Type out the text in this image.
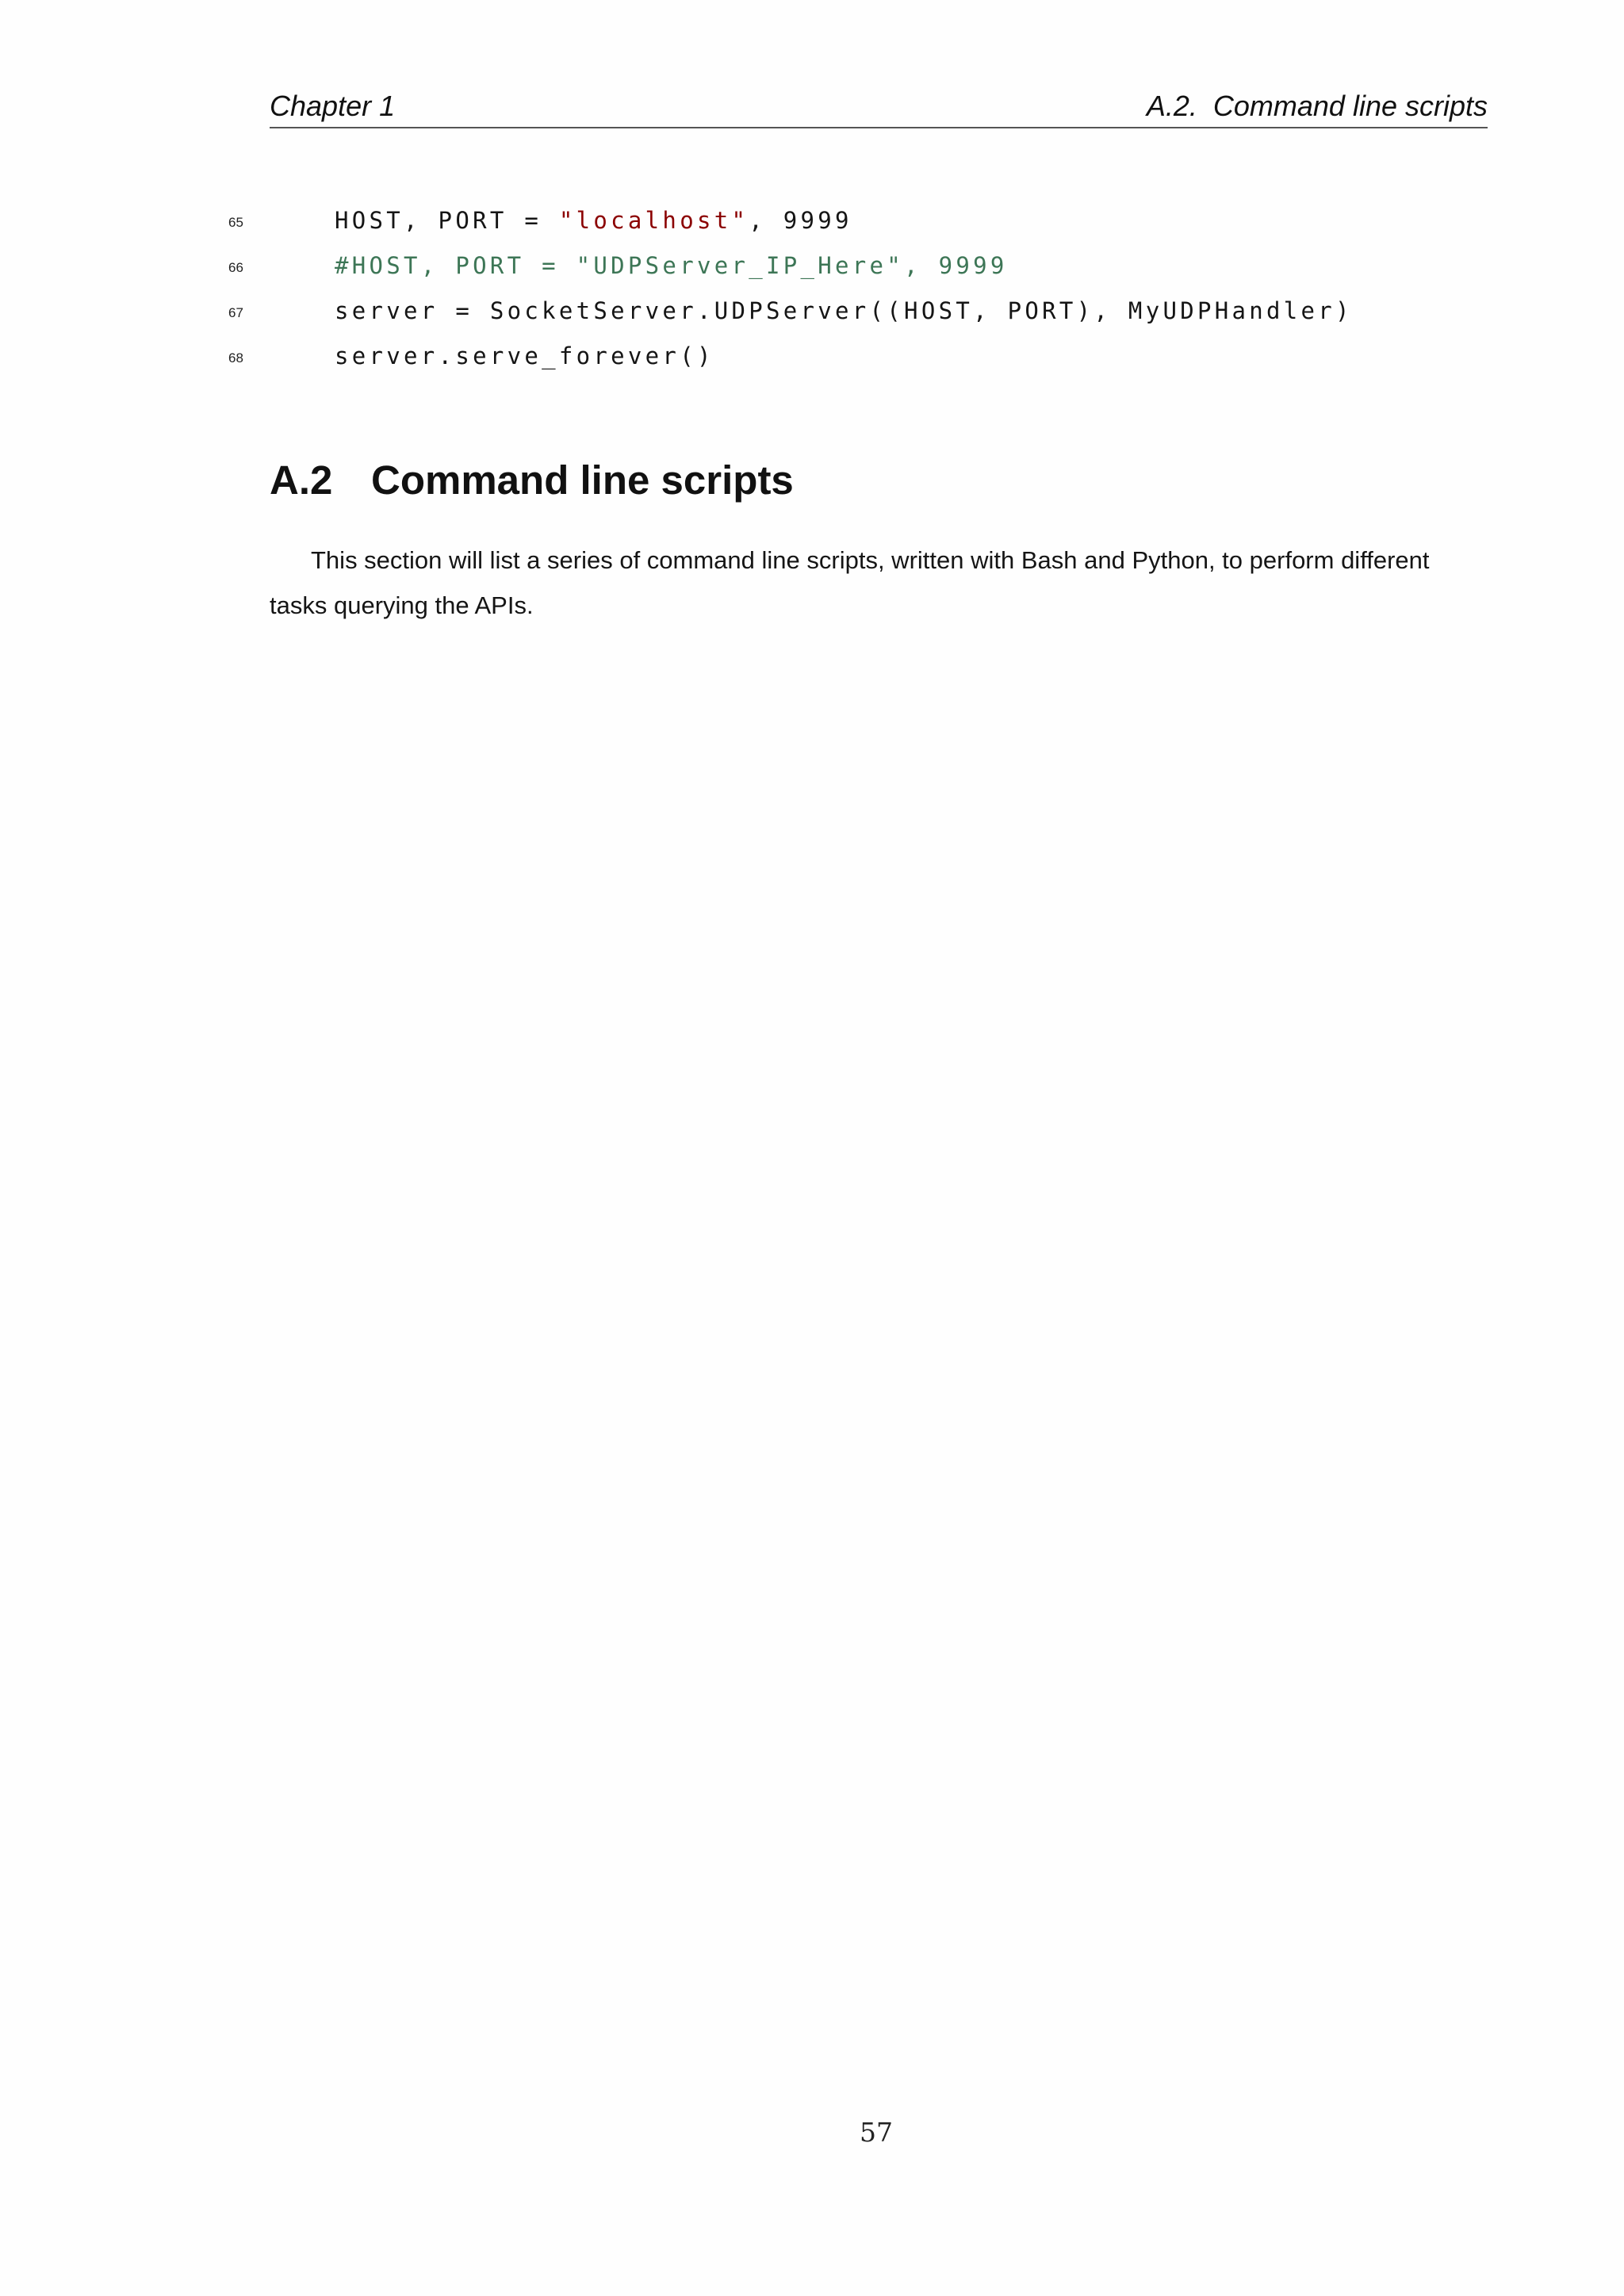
Chapter 1	A.2.  Command line scripts

65

	HOST, PORT = "localhost", 9999

66

	#HOST, PORT = "UDPServer_IP_Here", 9999

67

	server = SocketServer.UDPServer((HOST, PORT), MyUDPHandler)

68

	server.serve_forever()

A.2 Command line scripts

This section will list a series of command line scripts, written with Bash and Python, to perform different tasks querying the APIs.

57
